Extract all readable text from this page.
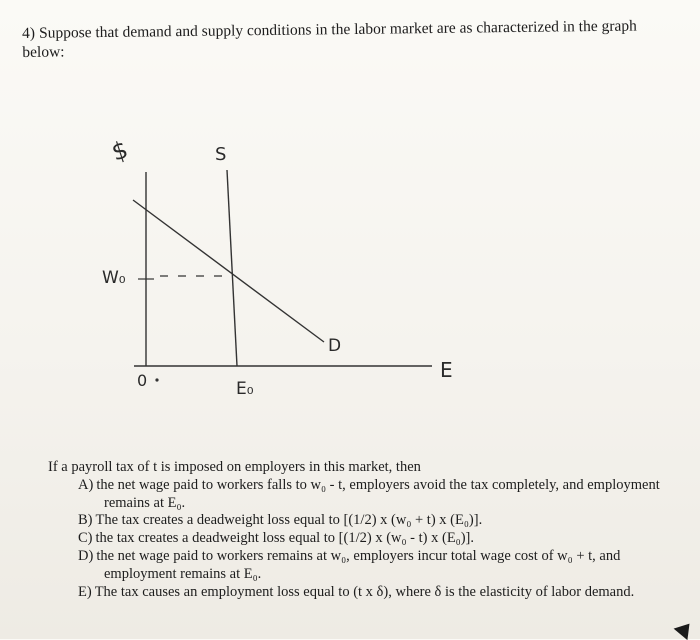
4) Suppose that demand and supply conditions in the labor market are as characterized in the graph below:

$	S
W₀
D
E
0	E₀
If a payroll tax of t is imposed on employers in this market, then
A) the net wage paid to workers falls to w₀ - t, employers avoid the tax completely, and employment remains at E₀.
B) The tax creates a deadweight loss equal to [(1/2) x (w₀ + t) x (E₀)].
C) the tax creates a deadweight loss equal to [(1/2) x (w₀ - t) x (E₀)].
D) the net wage paid to workers remains at w₀, employers incur total wage cost of w₀ + t, and employment remains at E₀.
E) The tax causes an employment loss equal to (t x δ), where δ is the elasticity of labor demand.
